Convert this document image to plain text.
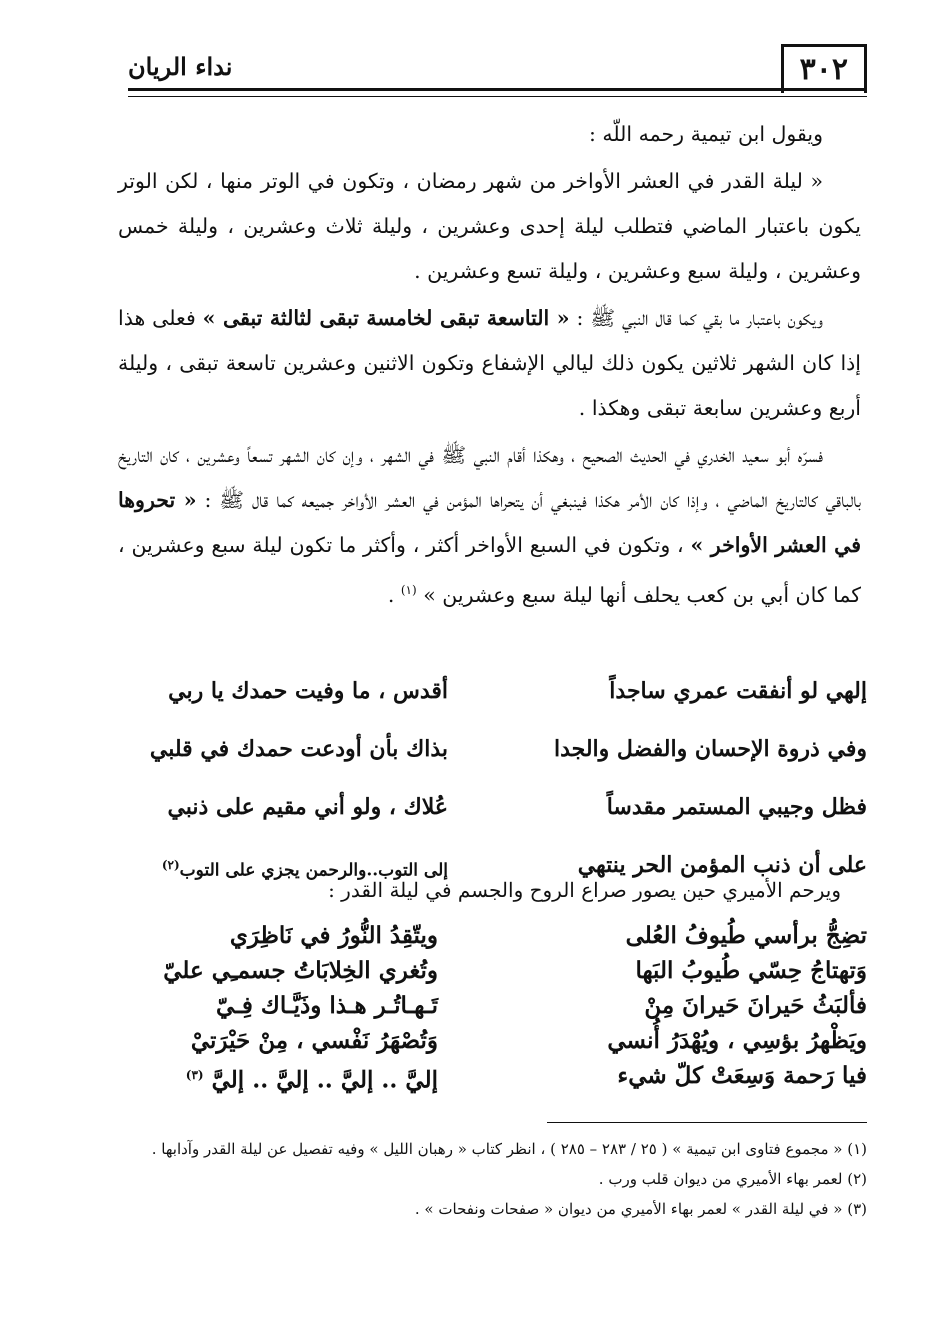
٣٠٢
نداء الريان

ويقول ابن تيمية رحمه اللّه :

« ليلة القدر في العشر الأواخر من شهر رمضان ، وتكون في الوتر منها ، لكن الوتر يكون باعتبار الماضي فتطلب ليلة إحدى وعشرين ، وليلة ثلاث وعشرين ، وليلة خمس وعشرين ، وليلة سبع وعشرين ، وليلة تسع وعشرين .

ويكون باعتبار ما بقي كما قال النبي ﷺ : « التاسعة تبقى لخامسة تبقى لثالثة تبقى » فعلى هذا إذا كان الشهر ثلاثين يكون ذلك ليالي الإشفاع وتكون الاثنين وعشرين تاسعة تبقى ، وليلة أربع وعشرين سابعة تبقى وهكذا .

فسرّه أبو سعيد الخدري في الحديث الصحيح ، وهكذا أقام النبي ﷺ في الشهر ، وإن كان الشهر تسعاً وعشرين ، كان التاريخ بالباقي كالتاريخ الماضي ، وإذا كان الأمر هكذا فينبغي أن يتحراها المؤمن في العشر الأواخر جميعه كما قال ﷺ : « تحروها في العشر الأواخر » ، وتكون في السبع الأواخر أكثر ، وأكثر ما تكون ليلة سبع وعشرين ، كما كان أبي بن كعب يحلف أنها ليلة سبع وعشرين » $^{(١)}$ .

إلهي لو أنفقت عمري ساجداً
أقدس ، ما وفيت حمدك يا ربي
وفي ذروة الإحسان والفضل والجدا
بذاك بأن أودعت حمدك في قلبي
فظل وجيبي المستمر مقدساً
عُلاك ، ولو أني مقيم على ذنبي
على أن ذنب المؤمن الحر ينتهي
إلى التوب..والرحمن يجزي على التوب$^{(٢)}$
ويرحم الأميري حين يصور صراع الروح والجسم في ليلة القدر :
تضِجُّ برأسي طُيوفُ العُلى
ويتّقِدُ النُّورُ في نَاظِرَي
وَتهتاجُ حِسّي طُيوبُ البَها
وتُغري الخِلابَاتُ جسمـِي عليّ
فألبَثُ حَيرانَ حَيرانَ مِنْ
تَـهـاتُـر هـذا وذَيَّـاك فِـيّ
ويَظْهرُ بؤسِي ، ويُهْدَرُ أُنسي
وَتُصْهَرُ نَفْسي ، مِنْ حَيْرَتيْ
فيا رَحمة وَسِعَتْ كلّ شيء
إليَّ .. إليَّ .. إليَّ .. إليَّ $^{(٣)}$

(١) « مجموع فتاوى ابن تيمية » ( ٢٥ / ٢٨٣ – ٢٨٥ ) ، انظر كتاب « رهبان الليل » وفيه تفصيل عن ليلة القدر وآدابها .

(٢) لعمر بهاء الأميري من ديوان قلب ورب .

(٣) « في ليلة القدر » لعمر بهاء الأميري من ديوان « صفحات ونفحات » .
